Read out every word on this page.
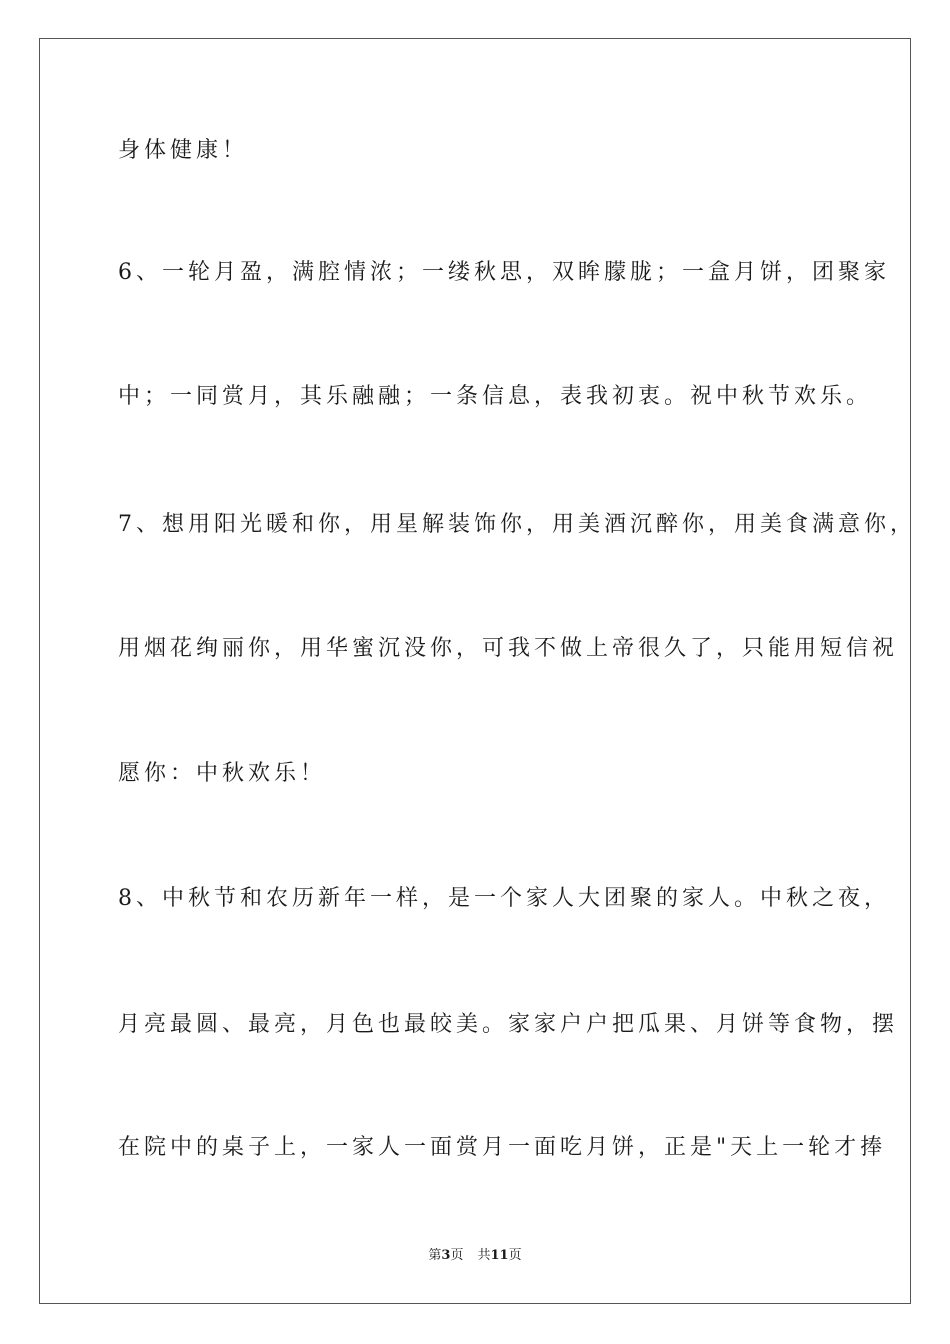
身体健康！
6、一轮月盈，满腔情浓；一缕秋思，双眸朦胧；一盒月饼，团聚家
中；一同赏月，其乐融融；一条信息，表我初衷。祝中秋节欢乐。
7、想用阳光暖和你，用星解装饰你，用美酒沉醉你，用美食满意你，
用烟花绚丽你，用华蜜沉没你，可我不做上帝很久了，只能用短信祝
愿你：中秋欢乐！
8、中秋节和农历新年一样，是一个家人大团聚的家人。中秋之夜，
月亮最圆、最亮，月色也最皎美。家家户户把瓜果、月饼等食物，摆
在院中的桌子上，一家人一面赏月一面吃月饼，正是"天上一轮才捧
第3页 共11页
